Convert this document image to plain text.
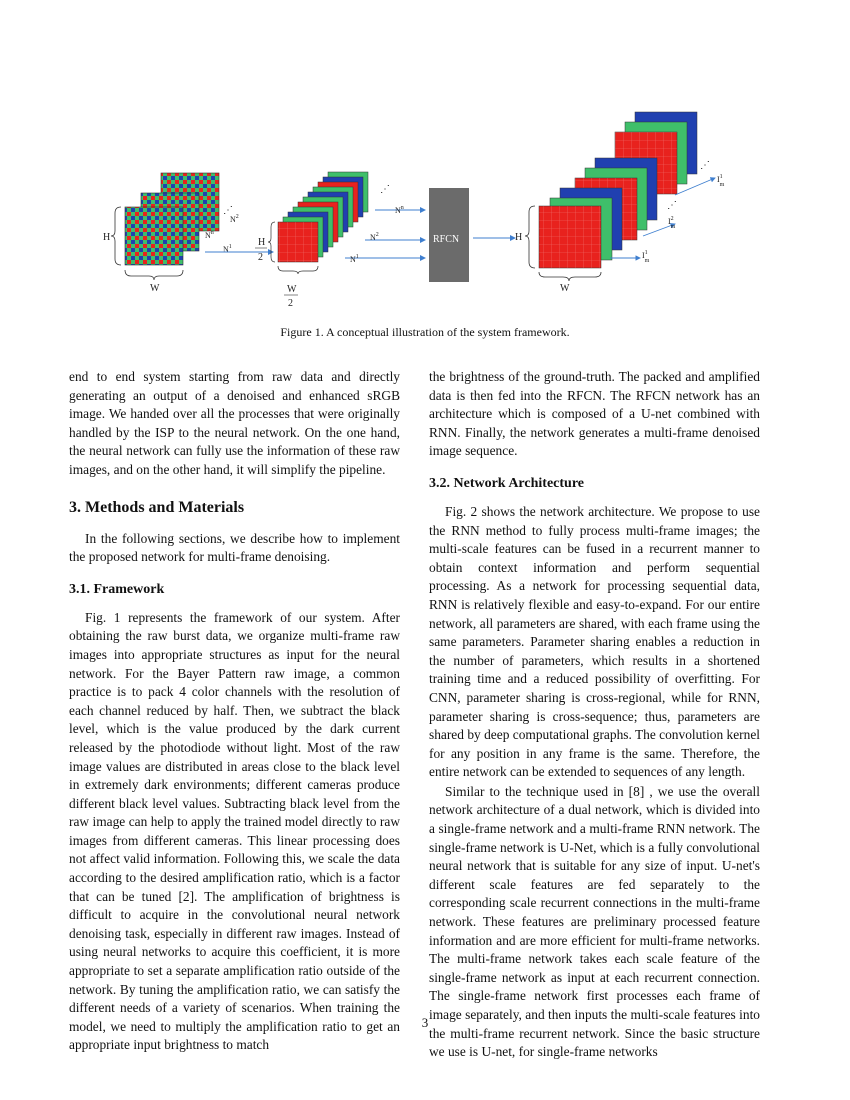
H
W
$N^1$
$N^n$
$N^2$
⋰
H
2
W
2
⋰
$N^n$
$N^2$
$N^1$
RFCN	H
W
$I^1$ m
⋰
$I^2$ m
⋰
$I^1$ m
Figure 1. A conceptual illustration of the system framework.

end to end system starting from raw data and directly generating an output of a denoised and enhanced sRGB image. We handed over all the processes that were originally handled by the ISP to the neural network. On the one hand, the neural network can fully use the information of these raw images, and on the other hand, it will simplify the pipeline.

3. Methods and Materials

In the following sections, we describe how to implement the proposed network for multi-frame denoising.

3.1. Framework

Fig. 1 represents the framework of our system. After obtaining the raw burst data, we organize multi-frame raw images into appropriate structures as input for the neural network. For the Bayer Pattern raw image, a common practice is to pack 4 color channels with the resolution of each channel reduced by half. Then, we subtract the black level, which is the value produced by the dark current released by the photodiode without light. Most of the raw image values are distributed in areas close to the black level in extremely dark environments; different cameras produce different black level values. Subtracting black level from the raw image can help to apply the trained model directly to raw images from different cameras. This linear processing does not affect valid information. Following this, we scale the data according to the desired amplification ratio, which is a factor that can be tuned [2]. The amplification of brightness is difficult to acquire in the convolutional neural network denoising task, especially in different raw images. Instead of using neural networks to acquire this coefficient, it is more appropriate to set a separate amplification ratio outside of the network. By tuning the amplification ratio, we can satisfy the different needs of a variety of scenarios. When training the model, we need to multiply the amplification ratio to get an appropriate input brightness to match

the brightness of the ground-truth. The packed and amplified data is then fed into the RFCN. The RFCN network has an architecture which is composed of a U-net combined with RNN. Finally, the network generates a multi-frame denoised image sequence.

3.2. Network Architecture

Fig. 2 shows the network architecture. We propose to use the RNN method to fully process multi-frame images; the multi-scale features can be fused in a recurrent manner to obtain context information and perform sequential processing. As a network for processing sequential data, RNN is relatively flexible and easy-to-expand. For our entire network, all parameters are shared, with each frame using the same parameters. Parameter sharing enables a reduction in the number of parameters, which results in a shortened training time and a reduced possibility of overfitting. For CNN, parameter sharing is cross-regional, while for RNN, parameter sharing is cross-sequence; thus, parameters are shared by deep computational graphs. The convolution kernel for any position in any frame is the same. Therefore, the entire network can be extended to sequences of any length.

Similar to the technique used in [8] , we use the overall network architecture of a dual network, which is divided into a single-frame network and a multi-frame RNN network. The single-frame network is U-Net, which is a fully convolutional neural network that is suitable for any size of input. U-net's different scale features are fed separately to the corresponding scale recurrent connections in the multi-frame network. These features are preliminary processed feature information and are more efficient for multi-frame networks. The multi-frame network takes each scale feature of the single-frame network as input at each recurrent connection. The single-frame network first processes each frame of image separately, and then inputs the multi-scale features into the multi-frame recurrent network. Since the basic structure we use is U-net, for single-frame networks

3
